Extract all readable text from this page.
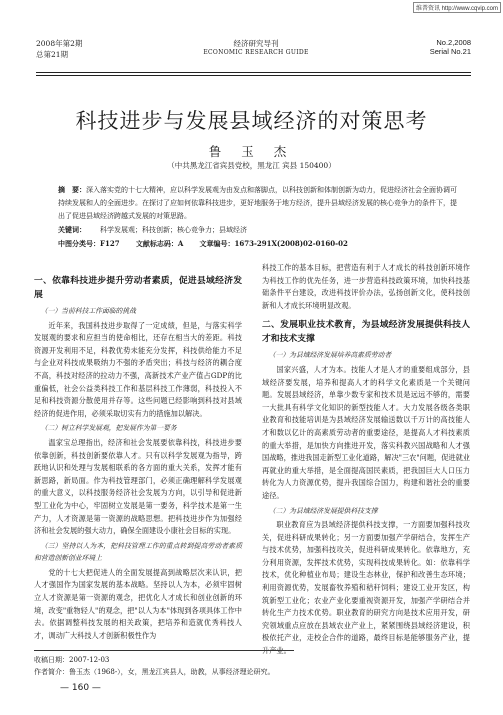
维普资讯 http://www.cqvip.com
2008年第2期
总第21期
经济研究导刊
ECONOMIC RESEARCH GUIDE
No.2,2008
Serial No.21
科技进步与发展县域经济的对策思考
鲁 玉 杰
（中共黑龙江省宾县党校，黑龙江 宾县 150400）

摘　要：深入落实党的十七大精神，应以科学发展观为由发点和落脚点，以科技创新和体制创新为动力，促进经济社会全面协调可持续发展和人的全面进步。在探讨了应如何依靠科技进步，更好地服务于地方经济，提升县域经济发展的核心竞争力的条件下，提出了促进县域经济跨越式发展的对策思路。

关键词： 科学发展观；科技创新；核心竞争力；县域经济
中图分类号：F127 文献标志码：A 文章编号：1673-291X(2008)02-0160-02
一、依靠科技进步提升劳动者素质，促进县域经济发展
（一）当前科技工作面临的挑战

近年来，我国科技进步取得了一定成绩，但是，与落实科学发展观的要求和应担当的使命相比，还存在相当大的差距。科技资源开发利用不足，科教优势未能充分发挥，科技供给能力不足与企业对科技成果吸纳力不强的矛盾突出；科技与经济的耦合度不高，科技对经济的拉动力不强，高新技术产业产值占GDP的比重偏低，社会公益类科技工作和基层科技工作薄弱，科技投入不足和科技资源分散使用并存等。这些问题已经影响到科技对县域经济的促进作用，必须采取切实有力的措施加以解决。

（二）树立科学发展观，把发展作为第一要务

温家宝总理指出，经济和社会发展要依靠科技，科技进步要依靠创新，科技创新要依靠人才。只有以科学发展观为指导，跨跃地认识和处理与发展相联系的各方面的重大关系，发挥才能有新思路，新局面。作为科技管理部门，必须正确理解科学发展观的重大意义，以科技服务经济社会发展为方向，以引导和促进新型工业化为中心，牢固树立发展是第一要务，科学技术是第一生产力，人才资源是第一资源的战略思想。把科技进步作为加强经济和社会发展的强大动力，确保全面建设小康社会目标的实现。

（三）坚持以人为本，把科技管理工作的重点转到提高劳动者素质和营造创新创业环境上

党的十七大把促进人的全面发展提高到战略层次来认识，把人才强国作为国家发展的基本战略。坚持以人为本，必须牢固树立人才资源是第一资源的观念，把优化人才成长和创业创新的环境，改变"重物轻人"的观念，把"以人为本"体现到各项具体工作中去。依据调整科技发展的相关政策，把培养和造就优秀科技人才，调动广大科技人才创新积极性作为

科技工作的基本目标，把营造有利于人才成长的科技创新环境作为科技工作的优先任务，进一步营造科技政策环境，加快科技基础条件平台建设，改进科技评价办法，弘扬创新文化，使科技创新和人才成长环境明显改观。

二、发展职业技术教育，为县域经济发展提供科技人才和技术支撑
（一）为县域经济发展培养高素质劳动者

国家兴盛，人才为本。技能人才是人才的重要组成部分，县域经济要发展，培养和提高人才的科学文化素质是一个关键问题。发展县域经济，单靠少数专家和技术员是远远不够的，需要一大批具有科学文化知识的新型技能人才。大力发展各级各类职业教育和技能培训是为县域经济发展输送数以千万计的高技能人才和数以亿计的高素质劳动者的重要途径，是提高人才科技素质的重大举措，是加快方向推进开发，落实科教兴国战略和人才强国战略，推进我国走新型工业化道路，解决"三农"问题，促进就业再就业的重大举措，是全面提高国民素质，把我国巨大人口压力转化为人力资源优势，提升我国综合国力，构建和谐社会的重要途径。

（二）为县域经济发展提供科技支撑

职业教育应为县域经济提供科技支撑，一方面要加强科技攻关，促进科研成果转化；另一方面要加强产学研结合，发挥生产与技术优势，加强科技攻关，促进科研成果转化。依靠地方，充分利用资源，发挥技术优势，实现科技成果转化。如：依靠科学技术，优化种植业布局；建设生态林业，保护和改善生态环境；利用资源优势，发展畜牧养殖和秸秆饲料；建设工业开发区，构筑新型工业化；农业产业化要重视资源开发，加强产学研结合并转化生产力技术优势。职业教育的研究方向是技术应用开发，研究领域重点应放在县域农业产业上，紧紧围绕县域经济建设，积极依托产业，走校企合作的道路，最终目标是能够服务产业，提升产业。

收稿日期：2007-12-03
作者简介：鲁玉杰（1968-），女，黑龙江宾县人，助教，从事经济理论研究。
— 160 —
